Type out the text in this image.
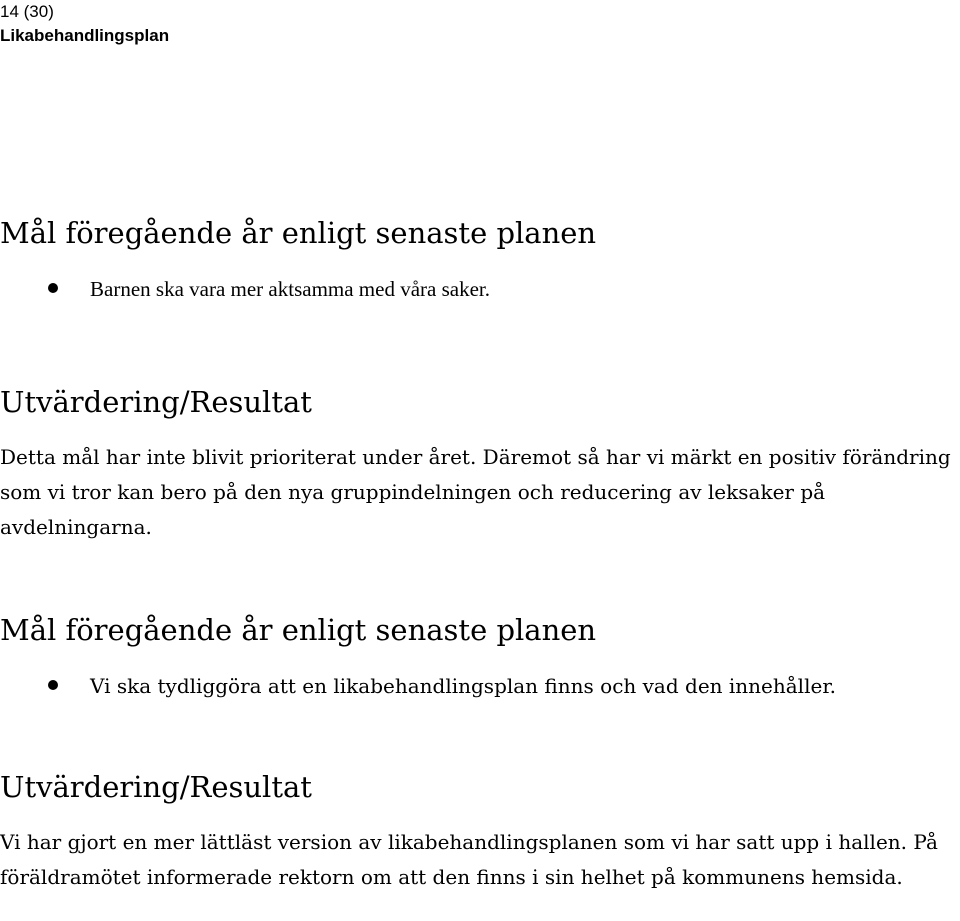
14 (30)
Likabehandlingsplan
Mål föregående år enligt senaste planen
Barnen ska vara mer aktsamma med våra saker.
Utvärdering/Resultat

Detta mål har inte blivit prioriterat under året. Däremot så har vi märkt en positiv förändring som vi tror kan bero på den nya gruppindelningen och reducering av leksaker på avdelningarna.

Mål föregående år enligt senaste planen
Vi ska tydliggöra att en likabehandlingsplan finns och vad den innehåller.
Utvärdering/Resultat

Vi har gjort en mer lättläst version av likabehandlingsplanen som vi har satt upp i hallen. På föräldramötet informerade rektorn om att den finns i sin helhet på kommunens hemsida.
